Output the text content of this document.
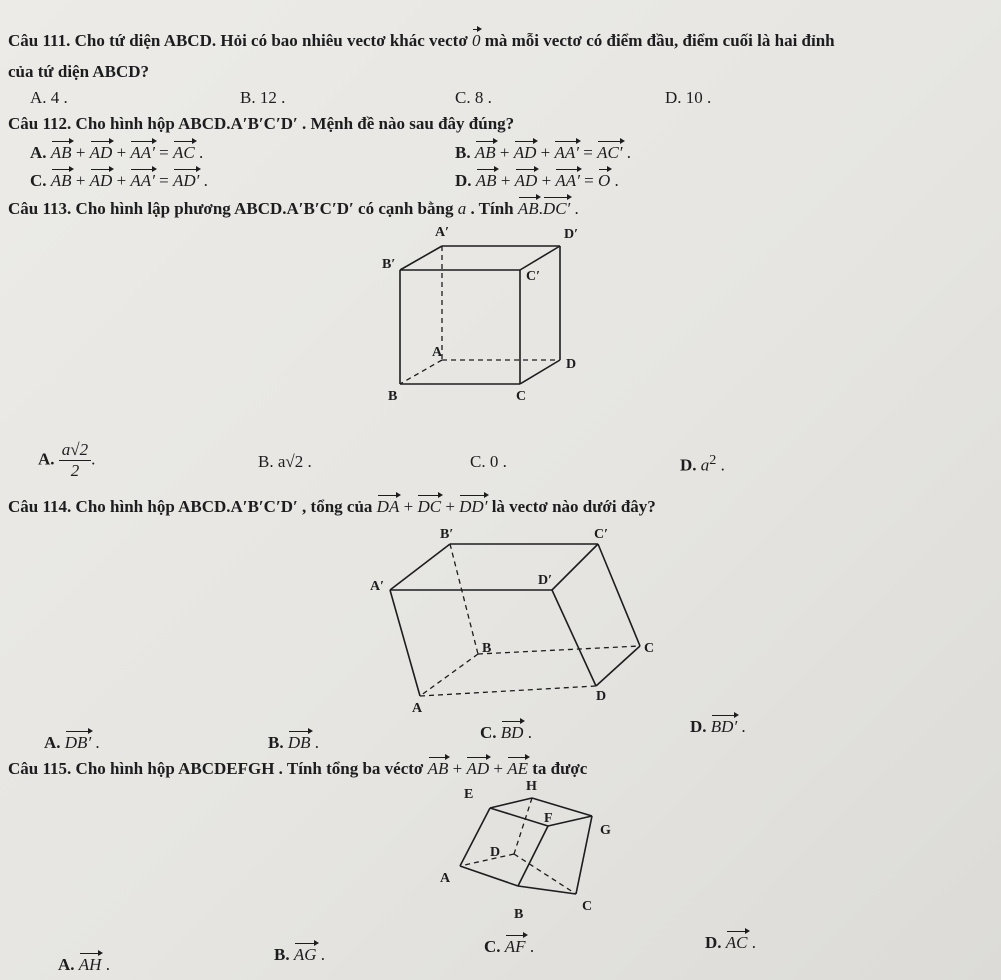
Câu 111. Cho tứ diện ABCD. Hỏi có bao nhiêu vectơ khác vectơ 0 mà mỗi vectơ có điểm đầu, điểm cuối là hai đỉnh
của tứ diện ABCD?
A. 4 .	B. 12 .	C. 8 .	D. 10 .
Câu 112. Cho hình hộp ABCD.A′B′C′D′ . Mệnh đề nào sau đây đúng?
A. AB + AD + AA′ = AC .	B. AB + AD + AA′ = AC′ .
C. AB + AD + AA′ = AD′ .	D. AB + AD + AA′ = O .
Câu 113. Cho hình lập phương ABCD.A′B′C′D′ có cạnh bằng a . Tính AB.DC′ .
A′	D′
B′
C′
A
D
B	C
A. $\frac{a√2}{2}$ .	B. a√2 .	C. 0 .	D. $a^2$ .
Câu 114. Cho hình hộp ABCD.A′B′C′D′ , tổng của DA + DC + DD′ là vectơ nào dưới đây?
B′	C′
A′	D′
B	C
A
D
A. DB′ .	B. DB .
C. BD .	D. BD′ .
Câu 115. Cho hình hộp ABCDEFGH . Tính tổng ba véctơ AB + AD + AE ta được
E
H
F
G
D
A
B
C
A. AH .
B. AG .	C. AF .	D. AC .
